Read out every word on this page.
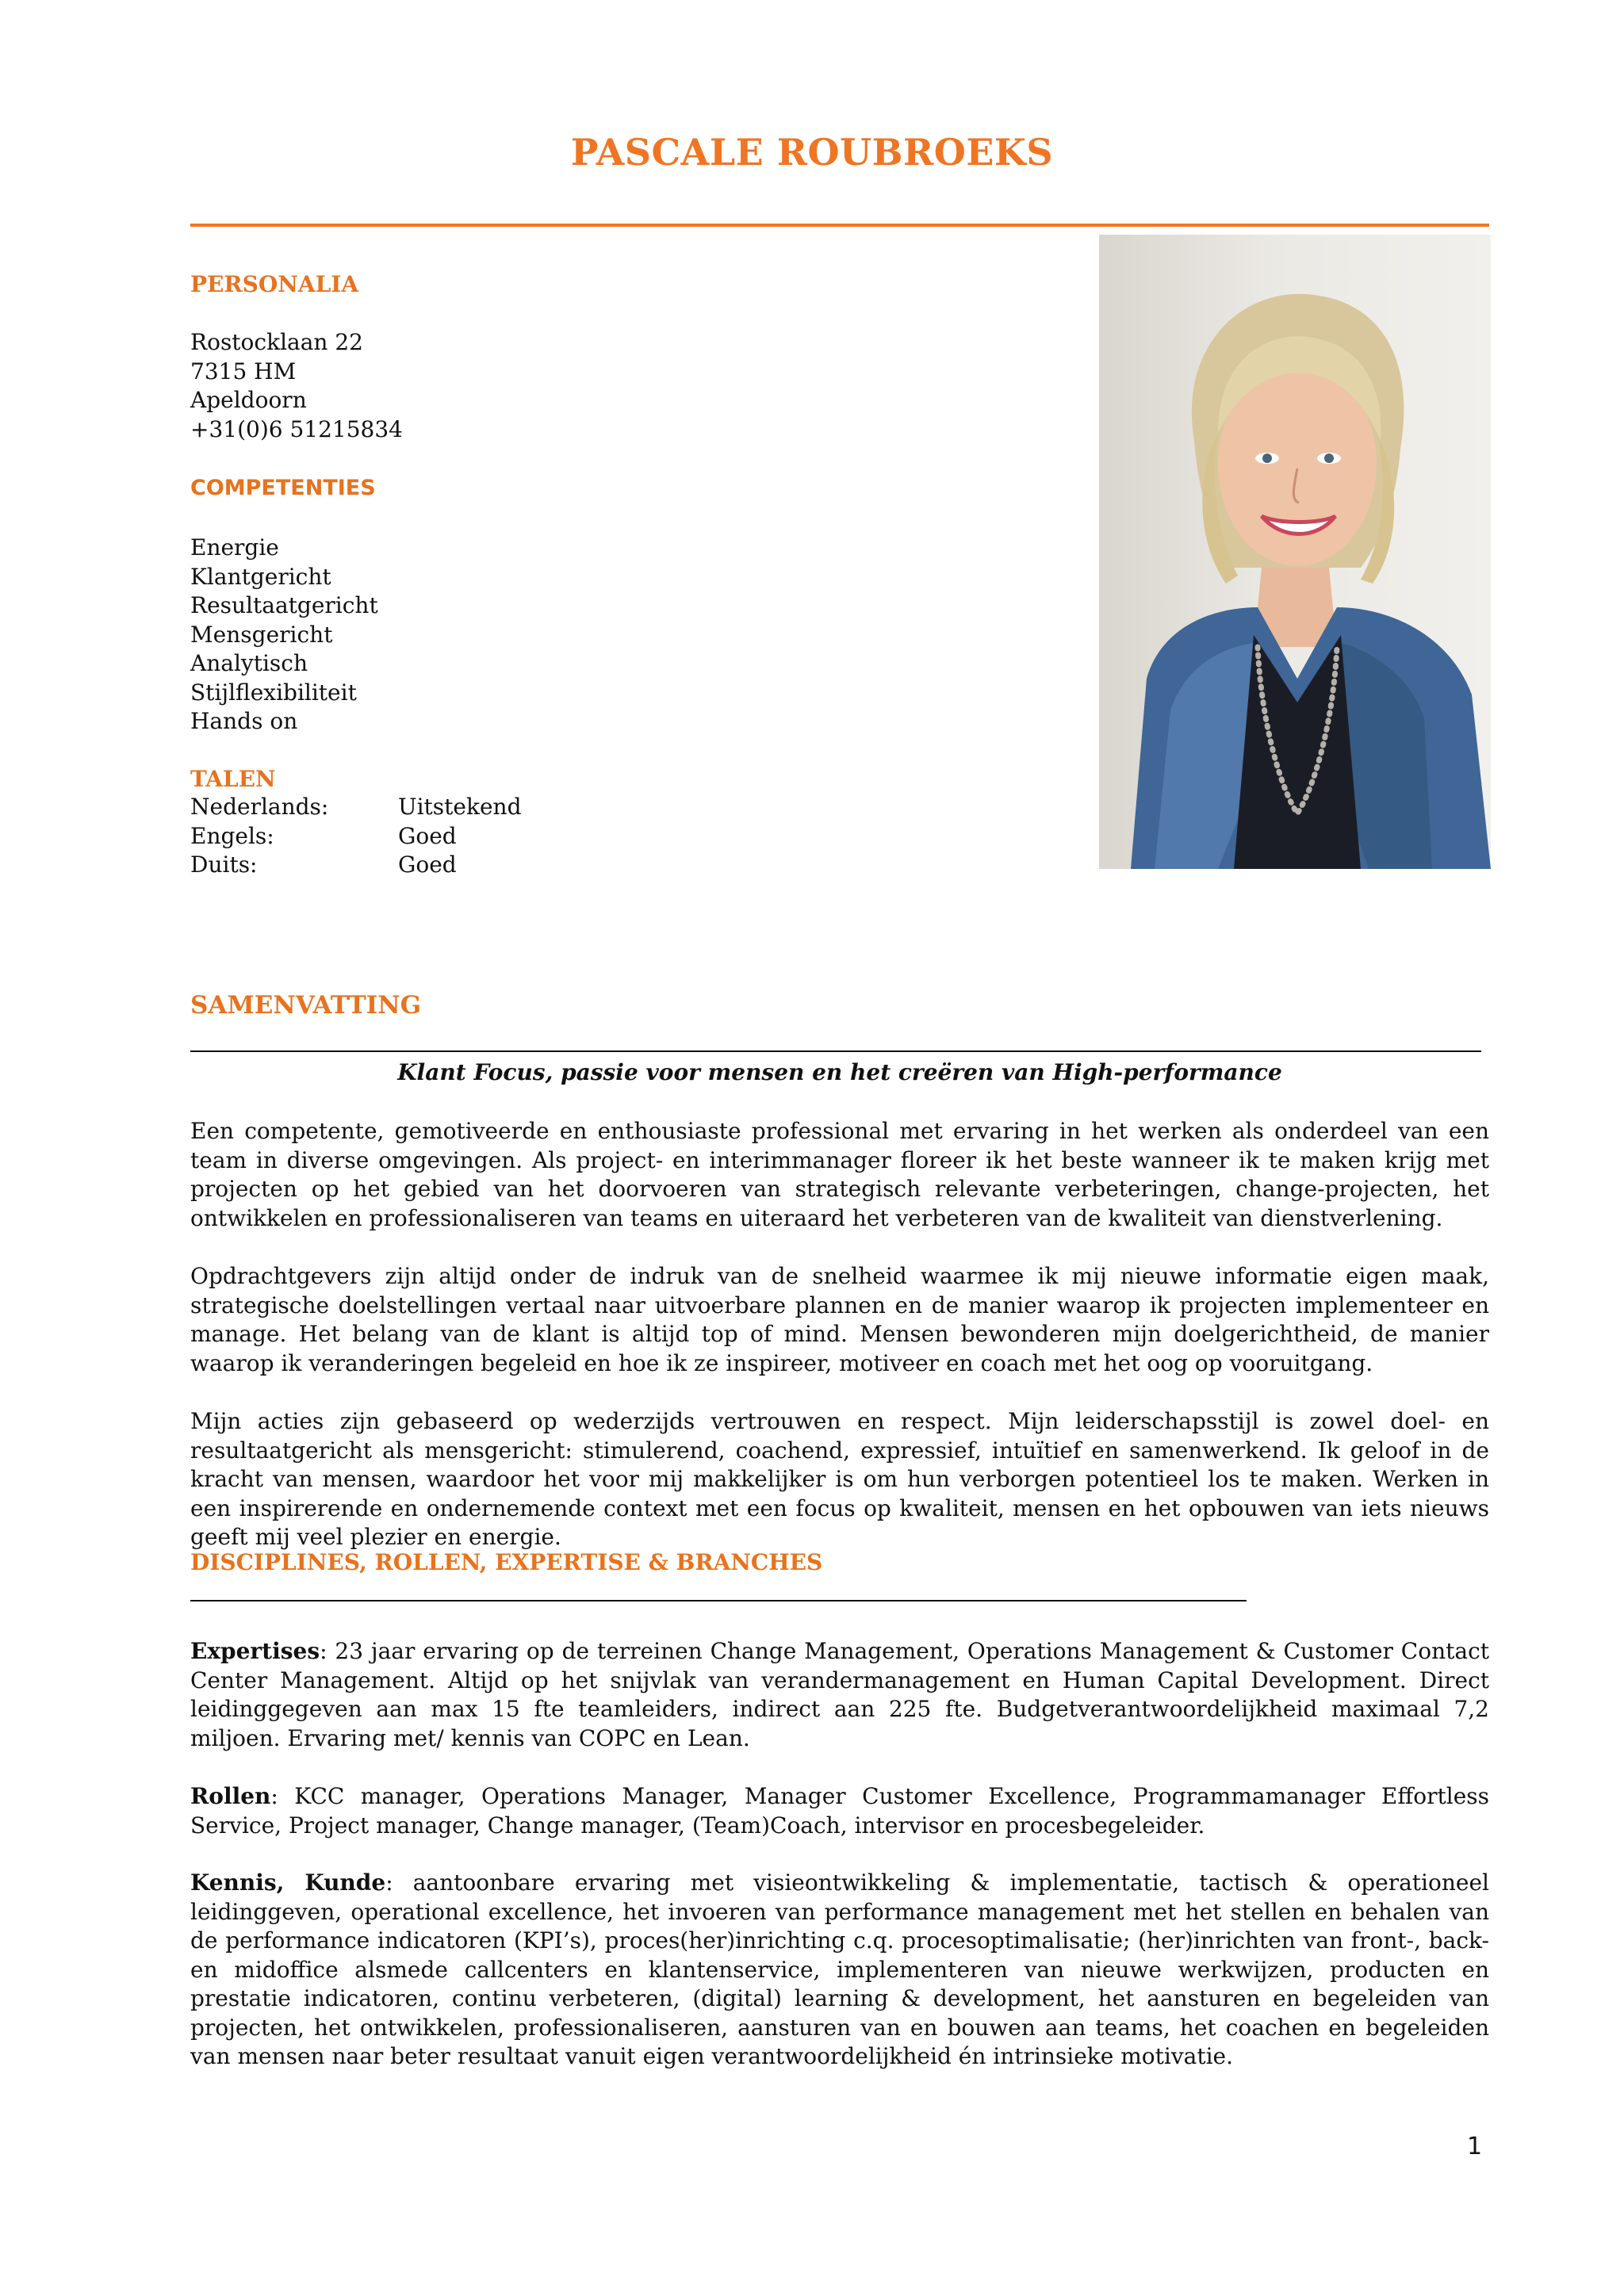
PASCALE ROUBROEKS
PERSONALIA
Rostocklaan 22
7315 HM
Apeldoorn
+31(0)6 51215834
COMPETENTIES
Energie
Klantgericht
Resultaatgericht
Mensgericht
Analytisch
Stijlflexibiliteit
Hands on
TALEN
Nederlands:	Uitstekend
Engels:	Goed
Duits:	Goed
SAMENVATTING
Klant Focus, passie voor mensen en het creëren van High-performance

Een competente, gemotiveerde en enthousiaste professional met ervaring in het werken als onderdeel van een team in diverse omgevingen. Als project- en interimmanager floreer ik het beste wanneer ik te maken krijg met projecten op het gebied van het doorvoeren van strategisch relevante verbeteringen, change-projecten, het ontwikkelen en professionaliseren van teams en uiteraard het verbeteren van de kwaliteit van dienstverlening.

Opdrachtgevers zijn altijd onder de indruk van de snelheid waarmee ik mij nieuwe informatie eigen maak, strategische doelstellingen vertaal naar uitvoerbare plannen en de manier waarop ik projecten implementeer en manage. Het belang van de klant is altijd top of mind. Mensen bewonderen mijn doelgerichtheid, de manier waarop ik veranderingen begeleid en hoe ik ze inspireer, motiveer en coach met het oog op vooruitgang.

Mijn acties zijn gebaseerd op wederzijds vertrouwen en respect. Mijn leiderschapsstijl is zowel doel- en resultaatgericht als mensgericht: stimulerend, coachend, expressief, intuïtief en samenwerkend. Ik geloof in de kracht van mensen, waardoor het voor mij makkelijker is om hun verborgen potentieel los te maken. Werken in een inspirerende en ondernemende context met een focus op kwaliteit, mensen en het opbouwen van iets nieuws geeft mij veel plezier en energie.

DISCIPLINES, ROLLEN, EXPERTISE & BRANCHES

Expertises: 23 jaar ervaring op de terreinen Change Management, Operations Management & Customer Contact Center Management. Altijd op het snijvlak van verandermanagement en Human Capital Development. Direct leidinggegeven aan max 15 fte teamleiders, indirect aan 225 fte. Budgetverantwoordelijkheid maximaal 7,2 miljoen. Ervaring met/ kennis van COPC en Lean.

Rollen: KCC manager, Operations Manager, Manager Customer Excellence, Programmamanager Effortless Service, Project manager, Change manager, (Team)Coach, intervisor en procesbegeleider.

Kennis, Kunde: aantoonbare ervaring met visieontwikkeling & implementatie, tactisch & operationeel leidinggeven, operational excellence, het invoeren van performance management met het stellen en behalen van de performance indicatoren (KPI’s), proces(her)inrichting c.q. procesoptimalisatie; (her)inrichten van front-, back- en midoffice alsmede callcenters en klantenservice, implementeren van nieuwe werkwijzen, producten en prestatie indicatoren, continu verbeteren, (digital) learning & development, het aansturen en begeleiden van projecten, het ontwikkelen, professionaliseren, aansturen van en bouwen aan teams, het coachen en begeleiden van mensen naar beter resultaat vanuit eigen verantwoordelijkheid én intrinsieke motivatie.

1
